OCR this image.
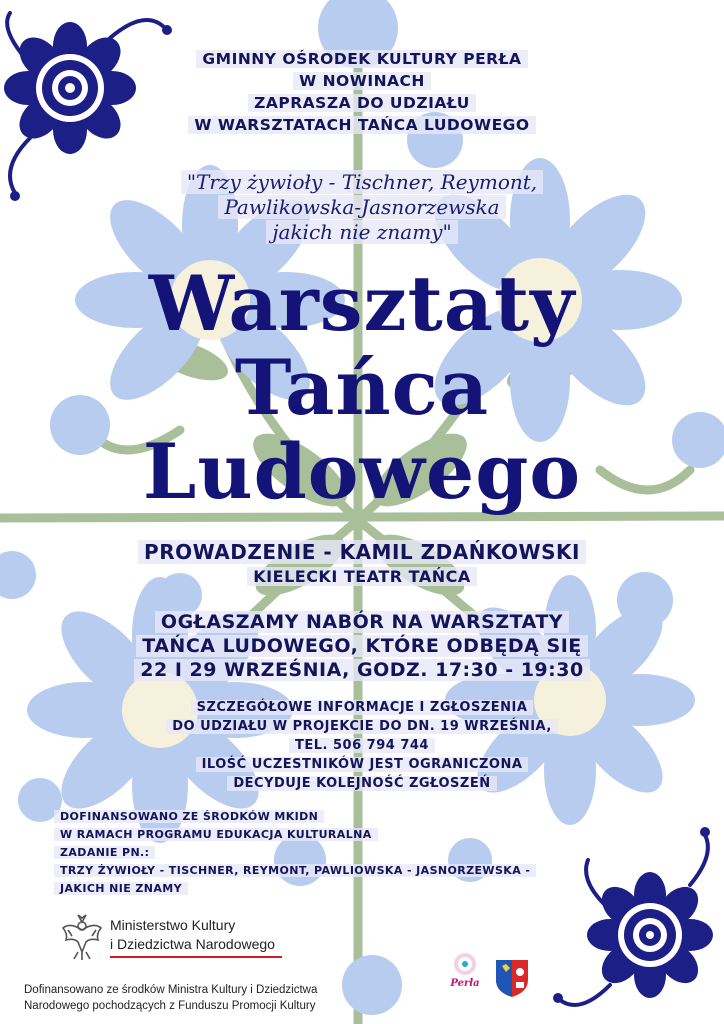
GMINNY OŚRODEK KULTURY PERŁA
W NOWINACH
ZAPRASZA DO UDZIAŁU
W WARSZTATACH TAŃCA LUDOWEGO
"Trzy żywioły - Tischner, Reymont,
Pawlikowska-Jasnorzewska
jakich nie znamy"
Warsztaty
Tańca
Ludowego
PROWADZENIE - KAMIL ZDAŃKOWSKI
KIELECKI TEATR TAŃCA
OGŁASZAMY NABÓR NA WARSZTATY
TAŃCA LUDOWEGO, KTÓRE ODBĘDĄ SIĘ
22 I 29 WRZEŚNIA, GODZ. 17:30 - 19:30
SZCZEGÓŁOWE INFORMACJE I ZGŁOSZENIA
DO UDZIAŁU W PROJEKCIE DO DN. 19 WRZEŚNIA,
TEL. 506 794 744
ILOŚĆ UCZESTNIKÓW JEST OGRANICZONA
DECYDUJE KOLEJNOŚĆ ZGŁOSZEŃ
DOFINANSOWANO ZE ŚRODKÓW MKIDN
W RAMACH PROGRAMU EDUKACJA KULTURALNA
ZADANIE PN.:
TRZY ŻYWIOŁY - TISCHNER, REYMONT, PAWLIOWSKA - JASNORZEWSKA -
JAKICH NIE ZNAMY
Ministerstwo Kultury
i Dziedzictwa Narodowego
Dofinansowano ze środków Ministra Kultury i Dziedzictwa
Narodowego pochodzących z Funduszu Promocji Kultury
Perła
